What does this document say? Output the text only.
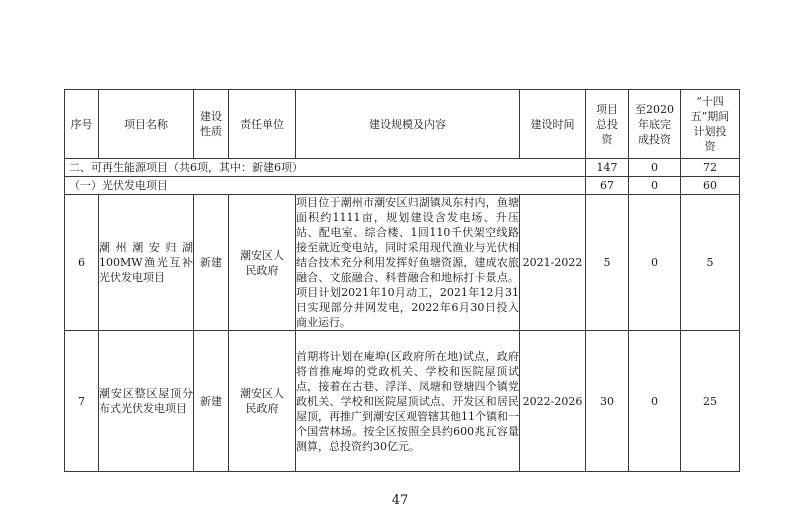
序号	项目名称	建设性质	责任单位	建设规模及内容	建设时间	项目总投资	至2020年底完成投资	“十四五”期间计划投资
二、可再生能源项目（共6项，其中：新建6项）						147	0	72
（一）光伏发电项目						67	0	60
6	潮州潮安归湖100MW渔光互补光伏发电项目	新建	潮安区人民政府	项目位于潮州市潮安区归湖镇凤东村内，鱼塘面积约1111亩，规划建设含发电场、升压站、配电室、综合楼、1回110千伏架空线路接至就近变电站，同时采用现代渔业与光伏相结合技术充分利用发挥好鱼塘资源，建成农旅融合、文旅融合、科普融合和地标打卡景点。项目计划2021年10月动工，2021年12月31日实现部分并网发电，2022年6月30日投入商业运行。	2021-2022	5	0	5
7	潮安区整区屋顶分布式光伏发电项目	新建	潮安区人民政府	首期将计划在庵埠(区政府所在地)试点，政府将首推庵埠的党政机关、学校和医院屋顶试点，接着在古巷、浮洋、凤塘和登塘四个镇党政机关、学校和医院屋顶试点、开发区和居民屋顶，再推广到潮安区观管辖其他11个镇和一个国营林场。按全区按照全县约600兆瓦容量测算，总投资约30亿元。	2022-2026	30	0	25
47
